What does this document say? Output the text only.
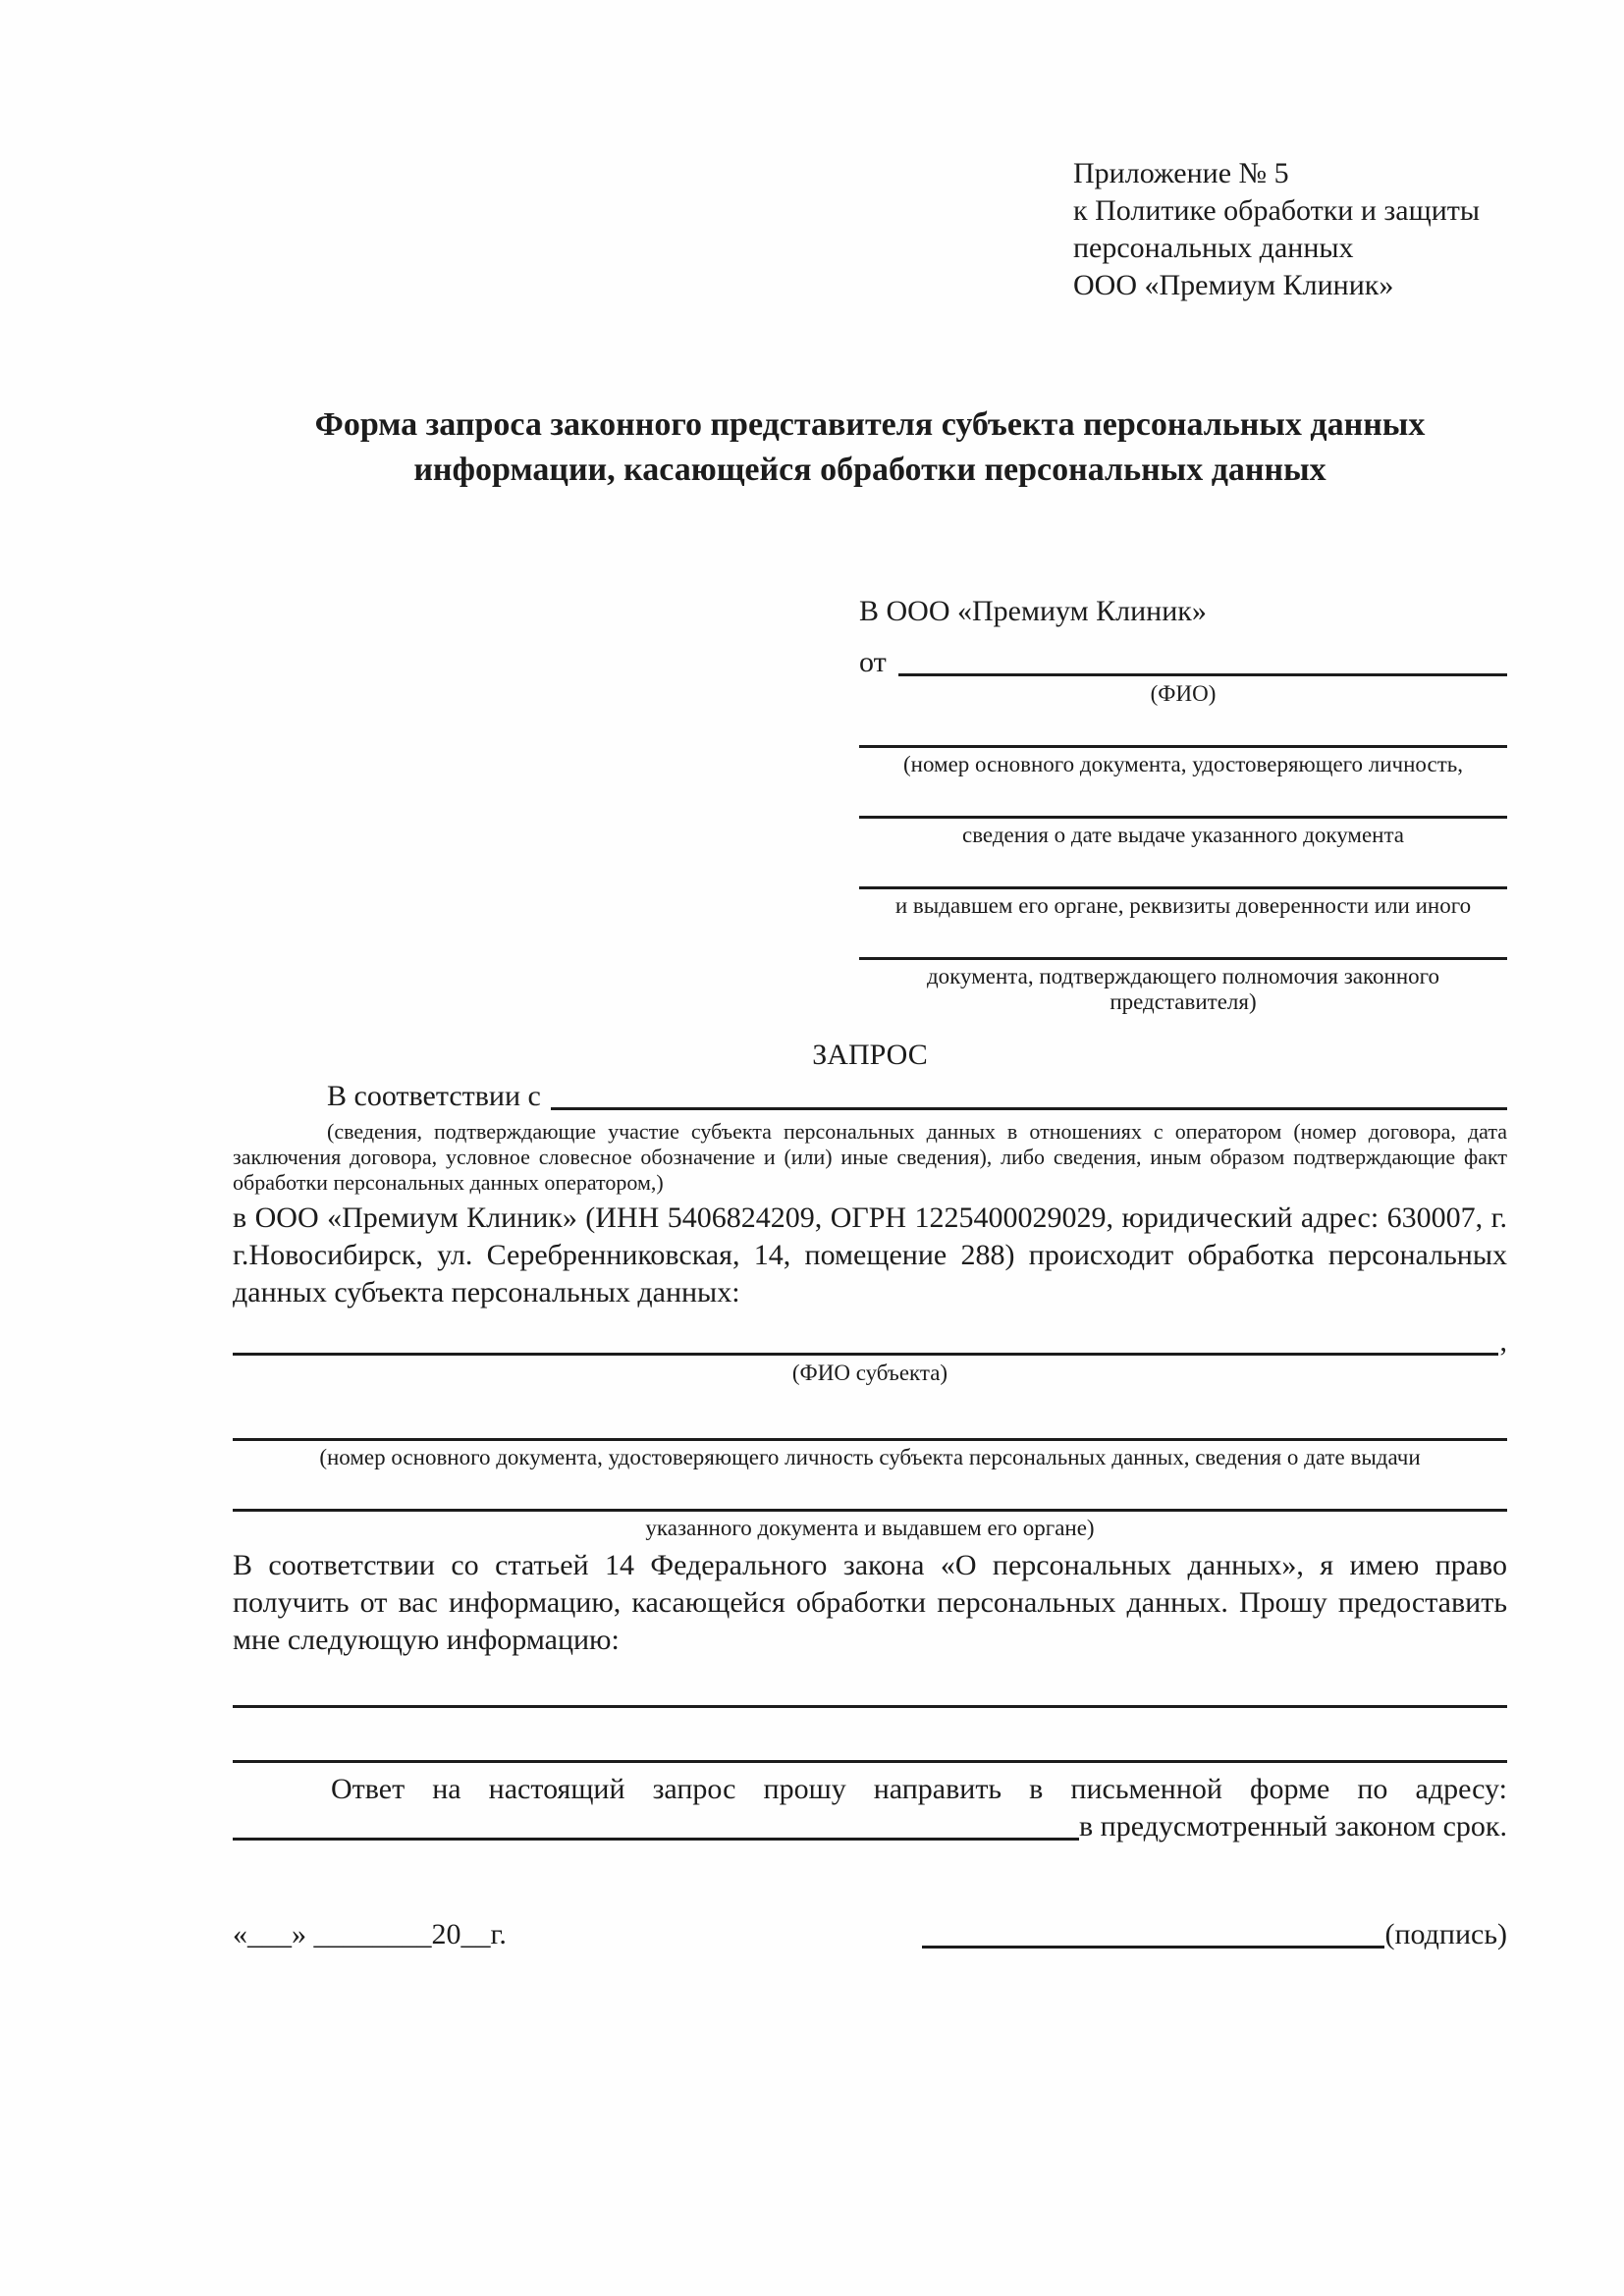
Приложение № 5
к Политике обработки и защиты
персональных данных
ООО «Премиум Клиник»
Форма запроса законного представителя субъекта персональных данных
информации, касающейся обработки персональных данных
В ООО «Премиум Клиник»
от
(ФИО)
(номер основного документа, удостоверяющего личность,
сведения о дате выдаче указанного документа
и выдавшем его органе, реквизиты доверенности или иного
документа, подтверждающего полномочия законного представителя)
ЗАПРОС
В соответствии с
(сведения, подтверждающие участие субъекта персональных данных в отношениях с оператором (номер договора, дата заключения договора, условное словесное обозначение и (или) иные сведения), либо сведения, иным образом подтверждающие факт обработки персональных данных оператором,)

в ООО «Премиум Клиник» (ИНН 5406824209, ОГРН 1225400029029, юридический адрес: 630007, г. г.Новосибирск, ул. Серебренниковская, 14, помещение 288) происходит обработка персональных данных субъекта персональных данных:

,
(ФИО субъекта)
(номер основного документа, удостоверяющего личность субъекта персональных данных, сведения о дате выдачи
указанного документа и выдавшем его органе)

В соответствии со статьей 14 Федерального закона «О персональных данных», я имею право получить от вас информацию, касающейся обработки персональных данных. Прошу предоставить мне следующую информацию:

Ответ на настоящий запрос прошу направить в письменной форме по адресу:

в предусмотренный законом срок.
«___» ________20__г.	(подпись)
